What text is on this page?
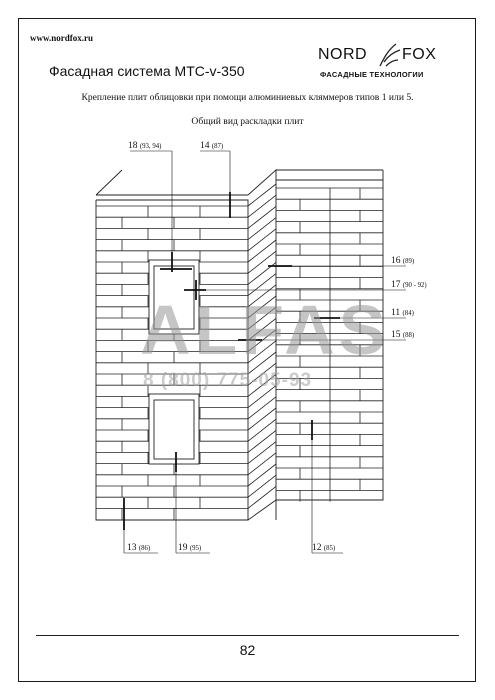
www.nordfox.ru
Фасадная система МТС-v-350
NORD FOX
ФАСАДНЫЕ ТЕХНОЛОГИИ
Крепление плит облицовки при помощи алюминиевых кляммеров типов 1 или 5.
Общий вид раскладки плит
ALFAS
8 (800) 775-05-93
18 (93, 94)	14 (87)
16 (89)
17 (90 - 92)
11 (84)
15 (88)
13 (86)	19 (95)	12 (85)
82
